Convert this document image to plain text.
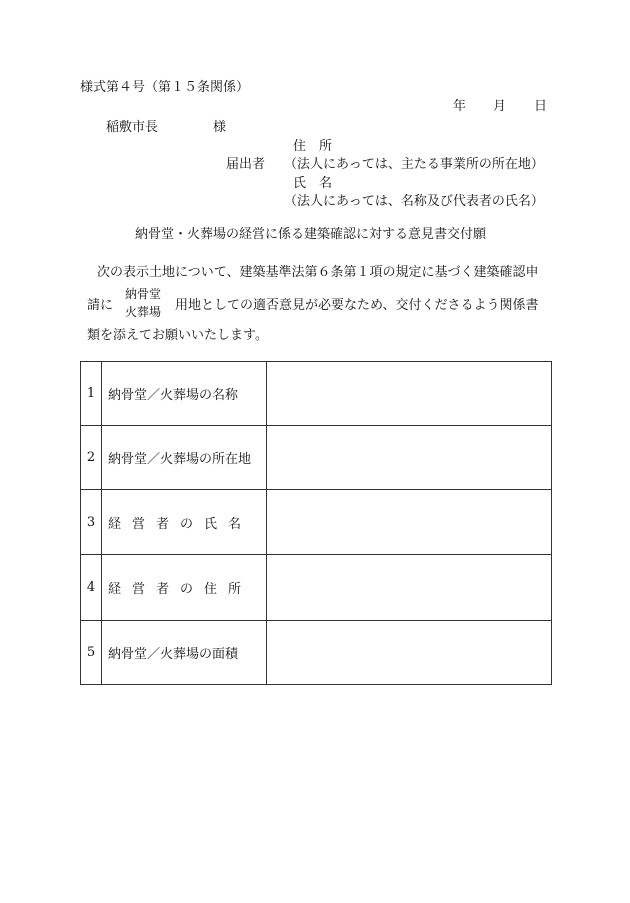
様式第４号（第１５条関係）
年 月 日
稲敷市長	様
住　所
届出者 （法人にあっては、主たる事業所の所在地）
氏　名
（法人にあっては、名称及び代表者の氏名）
納骨堂・火葬場の経営に係る建築確認に対する意見書交付願
次の表示土地について、建築基準法第６条第１項の規定に基づく建築確認申
請に
納骨堂
火葬場 用地としての適否意見が必要なため、交付くださるよう関係書
類を添えてお願いいたします。
1	納骨堂／火葬場の名称	
2	納骨堂／火葬場の所在地	
3	経営者の氏名	
4	経営者の住所	
5	納骨堂／火葬場の面積	
